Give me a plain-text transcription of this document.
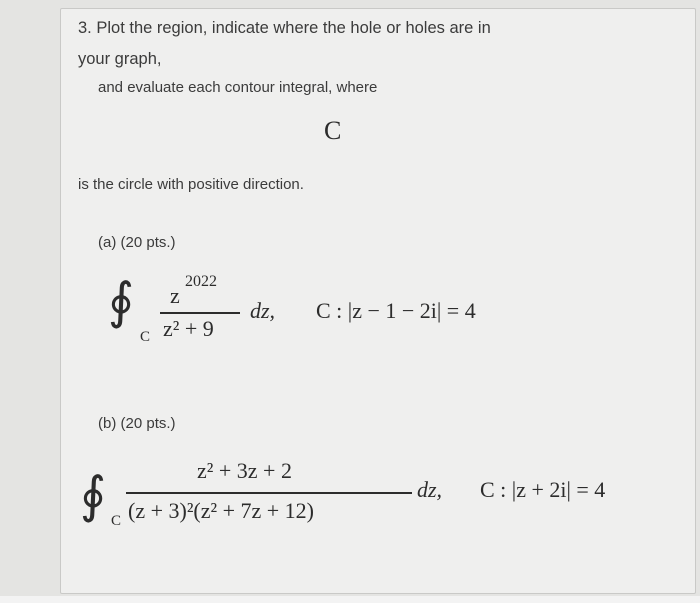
3. Plot the region, indicate where the hole or holes are in
your graph,
and evaluate each contour integral, where
C
is the circle with positive direction.
(a) (20 pts.)
∮
C
z
2022
z² + 9
dz, C : |z − 1 − 2i| = 4
(b) (20 pts.)
∮ C
z² + 3z + 2
(z + 3)²(z² + 7z + 12)
dz, C : |z + 2i| = 4
